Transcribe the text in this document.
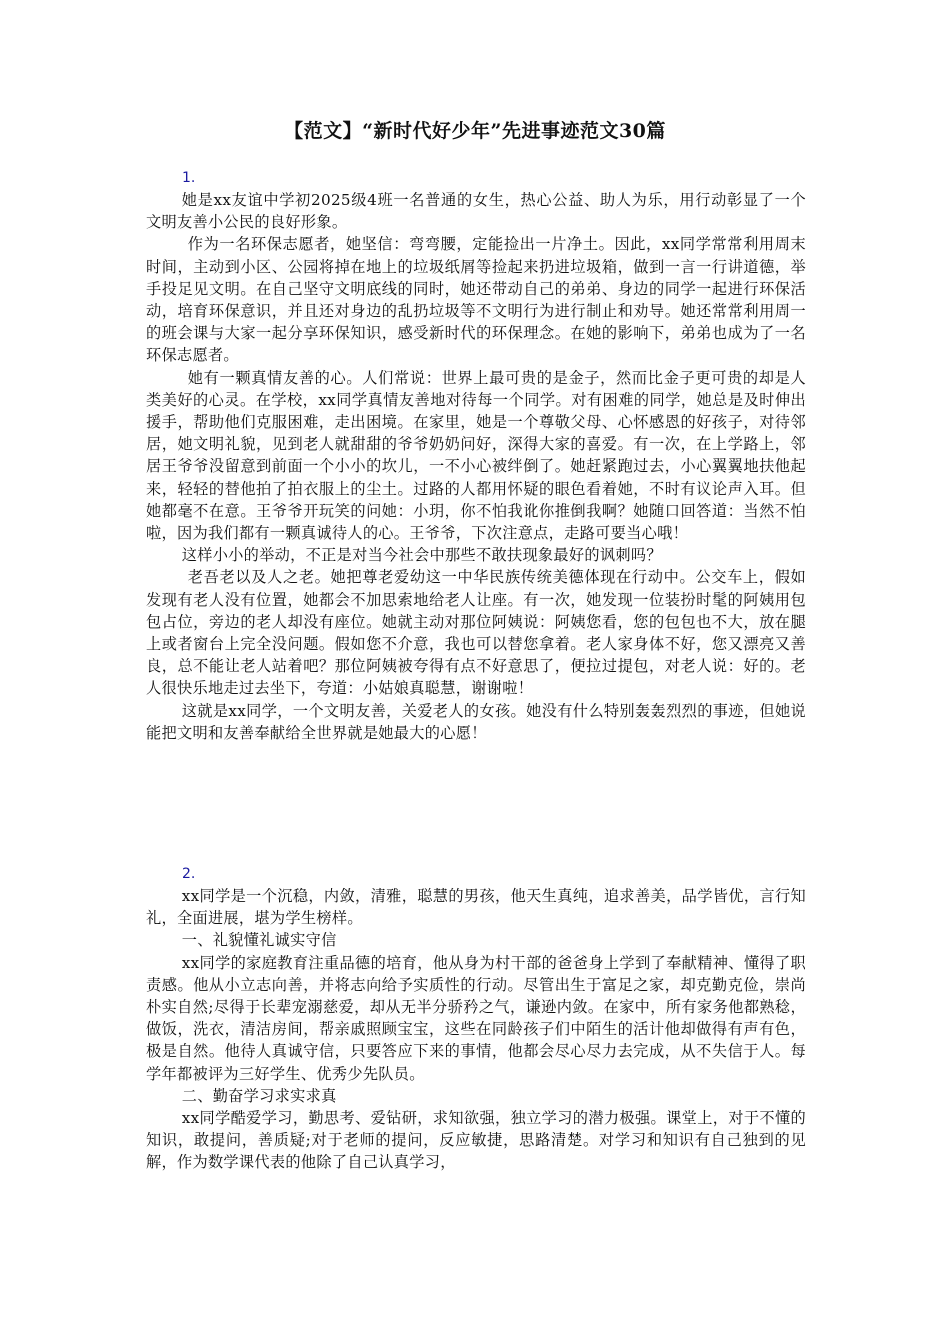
【范文】“新时代好少年”先进事迹范文30篇
1.

她是xx友谊中学初2025级4班一名普通的女生，热心公益、助人为乐，用行动彰显了一个文明友善小公民的良好形象。

作为一名环保志愿者，她坚信：弯弯腰，定能捡出一片净土。因此，xx同学常常利用周末时间，主动到小区、公园将掉在地上的垃圾纸屑等捡起来扔进垃圾箱，做到一言一行讲道德，举手投足见文明。在自己坚守文明底线的同时，她还带动自己的弟弟、身边的同学一起进行环保活动，培育环保意识，并且还对身边的乱扔垃圾等不文明行为进行制止和劝导。她还常常利用周一的班会课与大家一起分享环保知识，感受新时代的环保理念。在她的影响下，弟弟也成为了一名环保志愿者。

她有一颗真情友善的心。人们常说：世界上最可贵的是金子，然而比金子更可贵的却是人类美好的心灵。在学校，xx同学真情友善地对待每一个同学。对有困难的同学，她总是及时伸出援手，帮助他们克服困难，走出困境。在家里，她是一个尊敬父母、心怀感恩的好孩子，对待邻居，她文明礼貌，见到老人就甜甜的爷爷奶奶问好，深得大家的喜爱。有一次，在上学路上，邻居王爷爷没留意到前面一个小小的坎儿，一不小心被绊倒了。她赶紧跑过去，小心翼翼地扶他起来，轻轻的替他拍了拍衣服上的尘土。过路的人都用怀疑的眼色看着她，不时有议论声入耳。但她都毫不在意。王爷爷开玩笑的问她：小玥，你不怕我讹你推倒我啊？她随口回答道：当然不怕啦，因为我们都有一颗真诚待人的心。王爷爷，下次注意点，走路可要当心哦！

这样小小的举动，不正是对当今社会中那些不敢扶现象最好的讽刺吗？

老吾老以及人之老。她把尊老爱幼这一中华民族传统美德体现在行动中。公交车上，假如发现有老人没有位置，她都会不加思索地给老人让座。有一次，她发现一位装扮时髦的阿姨用包包占位，旁边的老人却没有座位。她就主动对那位阿姨说：阿姨您看，您的包包也不大，放在腿上或者窗台上完全没问题。假如您不介意，我也可以替您拿着。老人家身体不好，您又漂亮又善良，总不能让老人站着吧？那位阿姨被夸得有点不好意思了，便拉过提包，对老人说：好的。老人很快乐地走过去坐下，夸道：小姑娘真聪慧，谢谢啦！

这就是xx同学，一个文明友善，关爱老人的女孩。她没有什么特别轰轰烈烈的事迹，但她说能把文明和友善奉献给全世界就是她最大的心愿！

2.

xx同学是一个沉稳，内敛，清雅，聪慧的男孩，他天生真纯，追求善美，品学皆优，言行知礼，全面进展，堪为学生榜样。

一、礼貌懂礼诚实守信

xx同学的家庭教育注重品德的培育，他从身为村干部的爸爸身上学到了奉献精神、懂得了职责感。他从小立志向善，并将志向给予实质性的行动。尽管出生于富足之家，却克勤克俭，崇尚朴实自然;尽得于长辈宠溺慈爱，却从无半分骄矜之气，谦逊内敛。在家中，所有家务他都熟稔，做饭，洗衣，清洁房间，帮亲戚照顾宝宝，这些在同龄孩子们中陌生的活计他却做得有声有色，极是自然。他待人真诚守信，只要答应下来的事情，他都会尽心尽力去完成，从不失信于人。每学年都被评为三好学生、优秀少先队员。

二、勤奋学习求实求真

xx同学酷爱学习，勤思考、爱钻研，求知欲强，独立学习的潜力极强。课堂上，对于不懂的知识，敢提问，善质疑;对于老师的提问，反应敏捷，思路清楚。对学习和知识有自己独到的见解，作为数学课代表的他除了自己认真学习，
